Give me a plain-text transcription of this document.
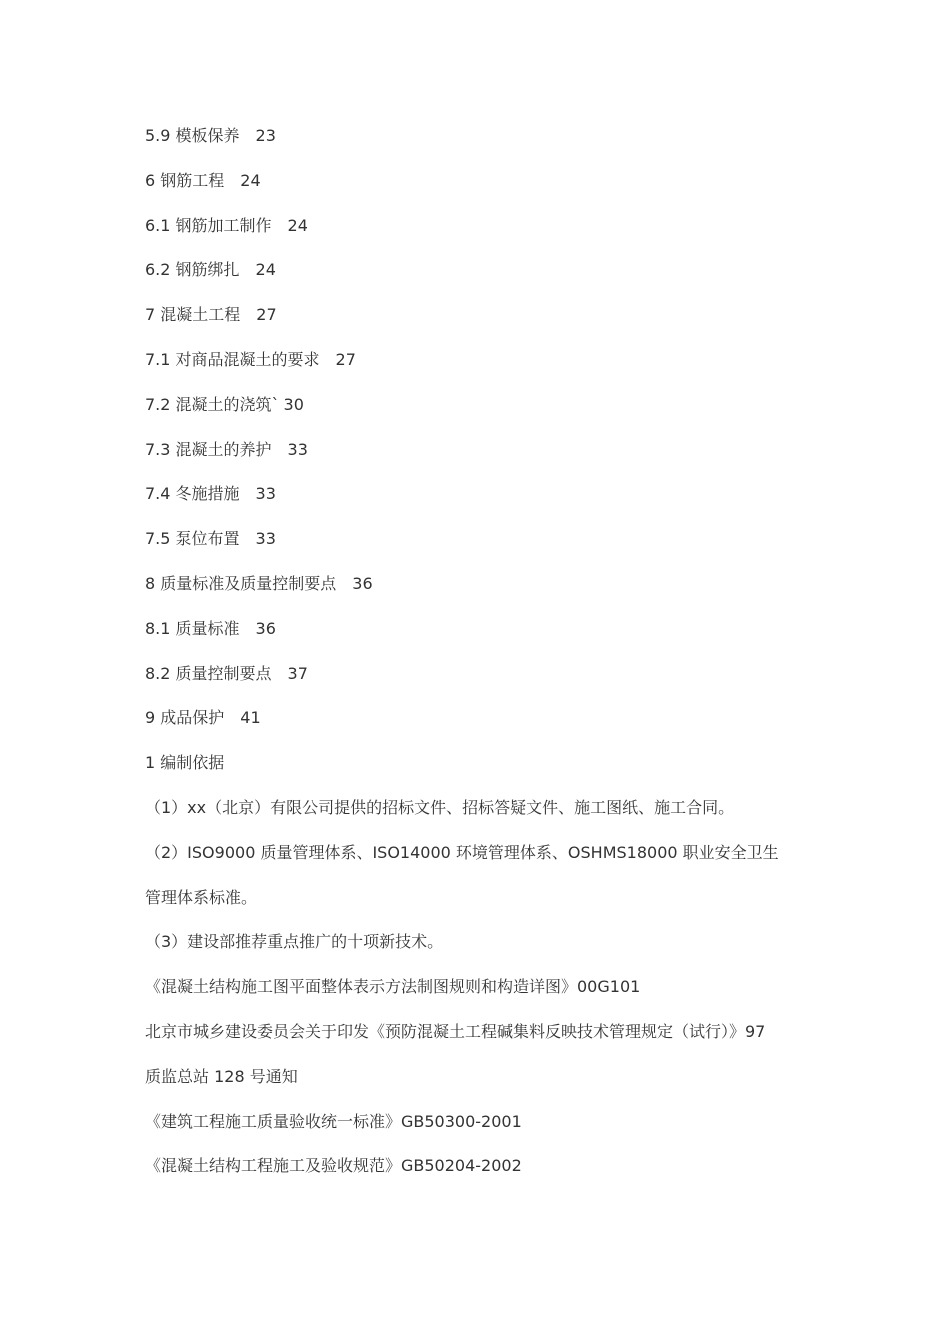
5.9 模板保养 23
6 钢筋工程 24
6.1 钢筋加工制作 24
6.2 钢筋绑扎 24
7 混凝土工程 27
7.1 对商品混凝土的要求 27
7.2 混凝土的浇筑` 30
7.3 混凝土的养护 33
7.4 冬施措施 33
7.5 泵位布置 33
8 质量标准及质量控制要点 36
8.1 质量标准 36
8.2 质量控制要点 37
9 成品保护 41
1 编制依据
（1）xx（北京）有限公司提供的招标文件、招标答疑文件、施工图纸、施工合同。
（2）ISO9000 质量管理体系、ISO14000 环境管理体系、OSHMS18000 职业安全卫生
管理体系标准。
（3）建设部推荐重点推广的十项新技术。
《混凝土结构施工图平面整体表示方法制图规则和构造详图》00G101
北京市城乡建设委员会关于印发《预防混凝土工程碱集料反映技术管理规定（试行）》97
质监总站 128 号通知
《建筑工程施工质量验收统一标准》GB50300-2001
《混凝土结构工程施工及验收规范》GB50204-2002
